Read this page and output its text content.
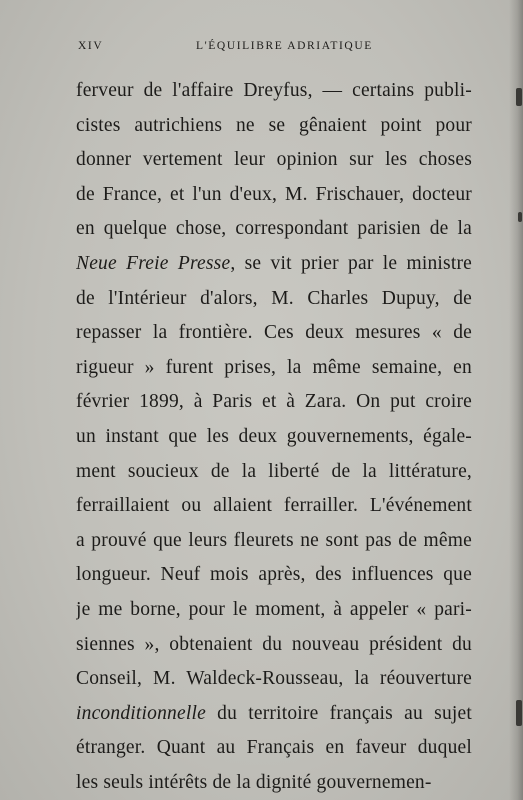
XIV	L'ÉQUILIBRE ADRIATIQUE
ferveur de l'affaire Dreyfus, — certains publi-
cistes autrichiens ne se gênaient point pour
donner vertement leur opinion sur les choses
de France, et l'un d'eux, M. Frischauer, docteur
en quelque chose, correspondant parisien de la
Neue Freie Presse, se vit prier par le ministre
de l'Intérieur d'alors, M. Charles Dupuy, de
repasser la frontière. Ces deux mesures « de
rigueur » furent prises, la même semaine, en
février 1899, à Paris et à Zara. On put croire
un instant que les deux gouvernements, égale-
ment soucieux de la liberté de la littérature,
ferraillaient ou allaient ferrailler. L'événement
a prouvé que leurs fleurets ne sont pas de même
longueur. Neuf mois après, des influences que
je me borne, pour le moment, à appeler « pari-
siennes », obtenaient du nouveau président du
Conseil, M. Waldeck-Rousseau, la réouverture
inconditionnelle du territoire français au sujet
étranger. Quant au Français en faveur duquel
les seuls intérêts de la dignité gouvernemen-
